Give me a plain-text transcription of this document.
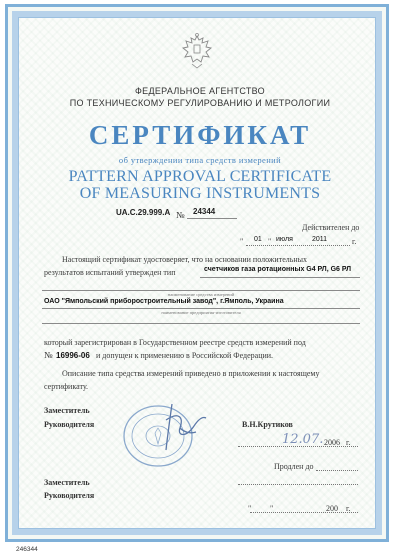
ФЕДЕРАЛЬНОЕ АГЕНТСТВО
ПО ТЕХНИЧЕСКОМУ РЕГУЛИРОВАНИЮ И МЕТРОЛОГИИ
СЕРТИФИКАТ
об утверждении типа средств измерений
PATTERN APPROVAL CERTIFICATE
OF MEASURING INSTRUMENTS
UA.C.29.999.A № 24344
Действителен до
" 01 " июля	2011	г.
Настоящий сертификат удостоверяет, что на основании положительных
результатов испытаний утвержден тип	счетчиков газа ротационных G4 РЛ, G6 РЛ
наименование средства измерений
ОАО "Ямпольский приборостроительный завод", г.Ямполь, Украина
наименование предприятия-изготовителя
который зарегистрирован в Государственном реестре средств измерений под
№ 16996-06 и допущен к применению в Российской Федерации.
Описание типа средства измерений приведено в приложении к настоящему
сертификату.
Заместитель
Руководителя	В.Н.Крутиков
12.07. 2006 г.
Продлен до
Заместитель
Руководителя
" "	200 г.
246344
